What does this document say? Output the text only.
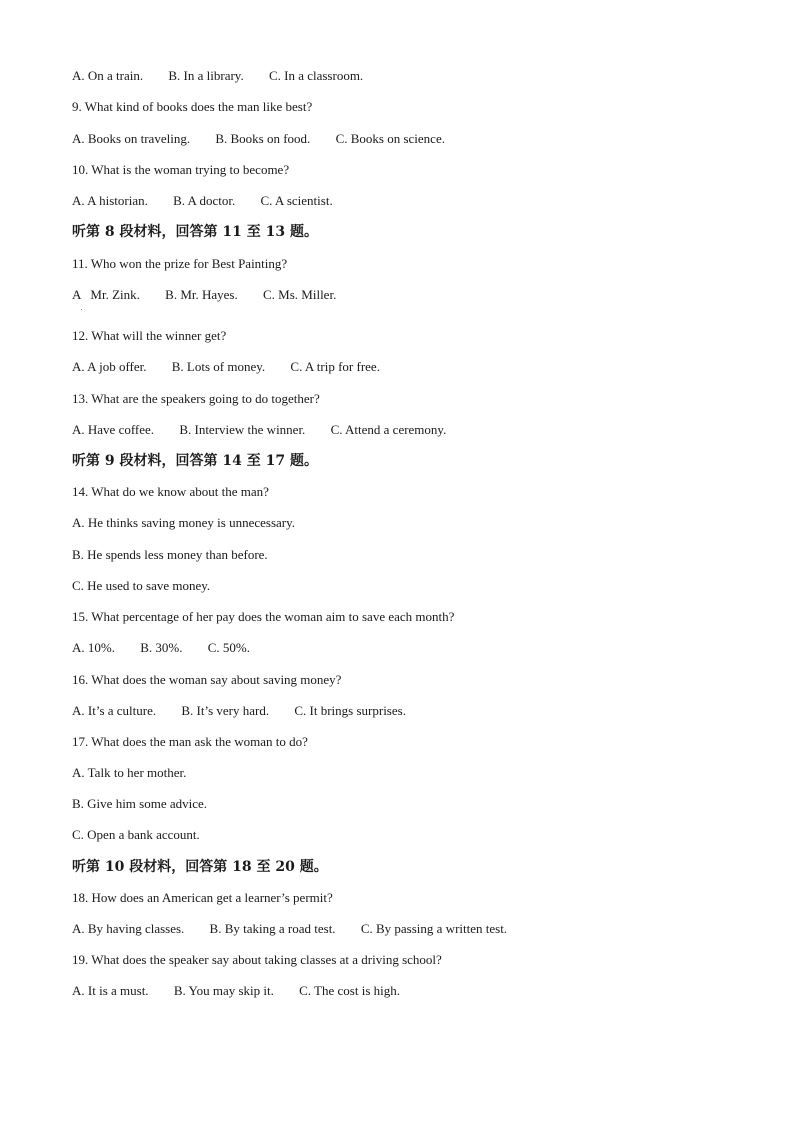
A. On a train. B. In a library. C. In a classroom.
9. What kind of books does the man like best?
A. Books on traveling. B. Books on food. C. Books on science.
10. What is the woman trying to become?
A. A historian. B. A doctor. C. A scientist.
听第 8 段材料，回答第 11 至 13 题。
11. Who won the prize for Best Painting?
A   Mr. Zink. B. Mr. Hayes. C. Ms. Miller.
12. What will the winner get?
A. A job offer. B. Lots of money. C. A trip for free.
13. What are the speakers going to do together?
A. Have coffee. B. Interview the winner. C. Attend a ceremony.
听第 9 段材料，回答第 14 至 17 题。
14. What do we know about the man?
A. He thinks saving money is unnecessary.
B. He spends less money than before.
C. He used to save money.
15. What percentage of her pay does the woman aim to save each month?
A. 10%. B. 30%. C. 50%.
16. What does the woman say about saving money?
A. It’s a culture. B. It’s very hard. C. It brings surprises.
17. What does the man ask the woman to do?
A. Talk to her mother.
B. Give him some advice.
C. Open a bank account.
听第 10 段材料，回答第 18 至 20 题。
18. How does an American get a learner’s permit?
A. By having classes. B. By taking a road test. C. By passing a written test.
19. What does the speaker say about taking classes at a driving school?
A. It is a must. B. You may skip it. C. The cost is high.
